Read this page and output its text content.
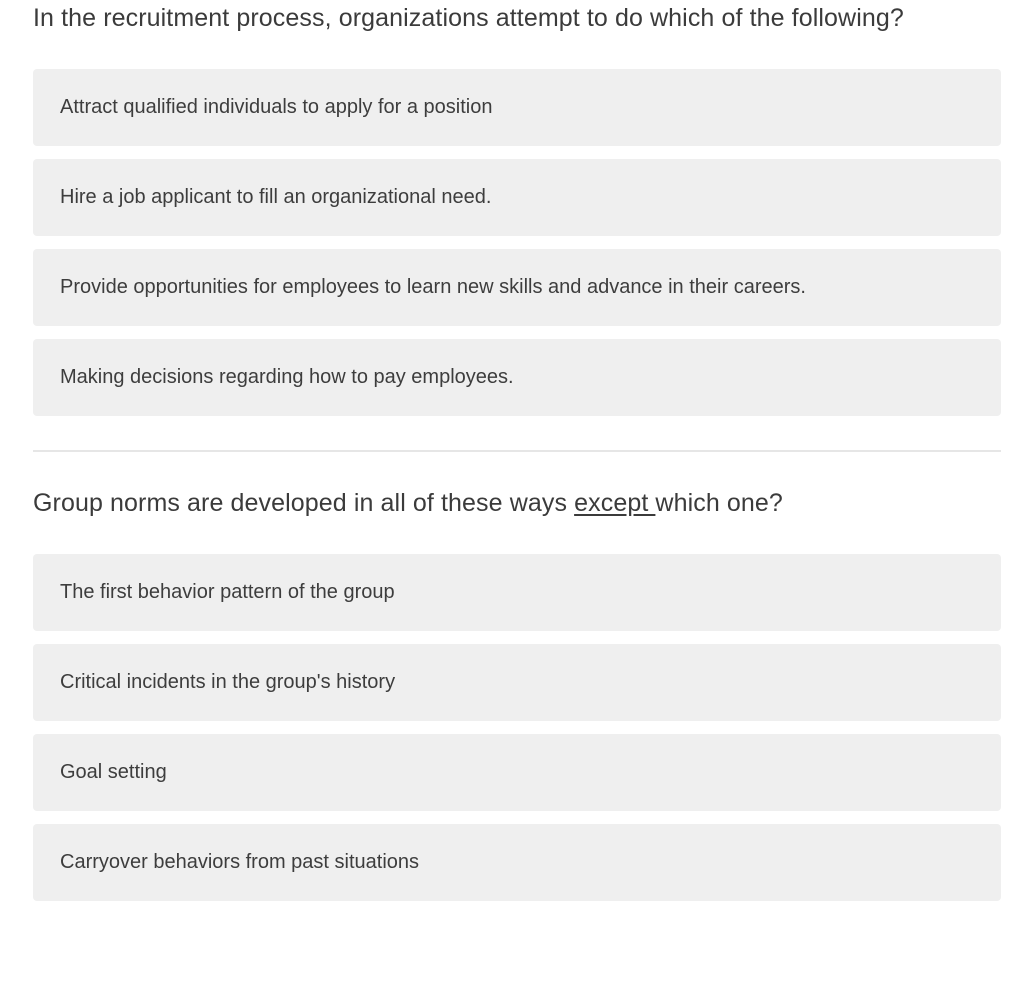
In the recruitment process, organizations attempt to do which of the following?
Attract qualified individuals to apply for a position
Hire a job applicant to fill an organizational need.
Provide opportunities for employees to learn new skills and advance in their careers.
Making decisions regarding how to pay employees.
Group norms are developed in all of these ways except which one?
The first behavior pattern of the group
Critical incidents in the group's history
Goal setting
Carryover behaviors from past situations
